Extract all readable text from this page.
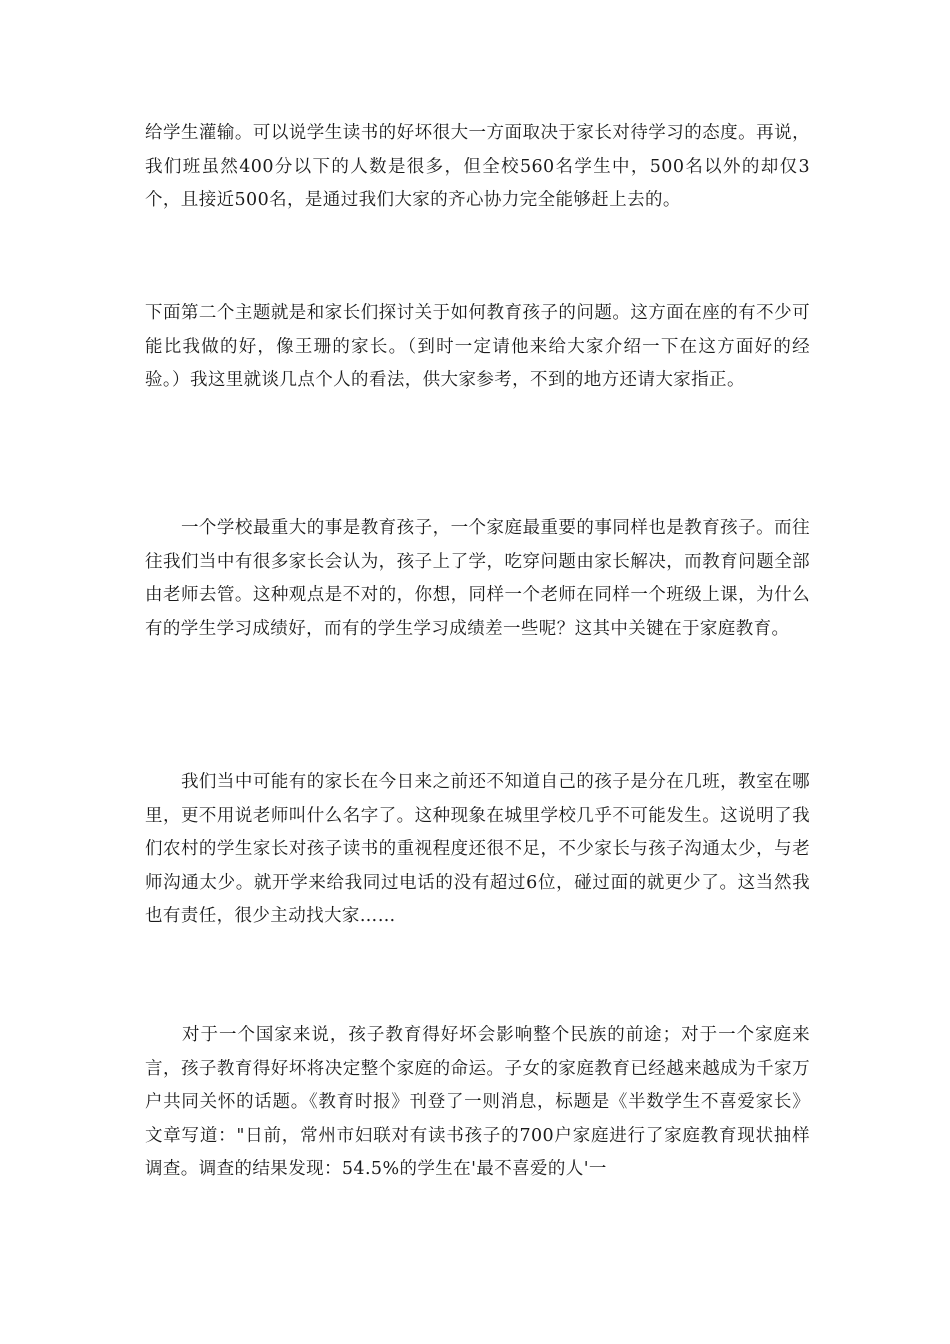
给学生灌输。可以说学生读书的好坏很大一方面取决于家长对待学习的态度。再说，我们班虽然400分以下的人数是很多，但全校560名学生中，500名以外的却仅3个，且接近500名，是通过我们大家的齐心协力完全能够赶上去的。

下面第二个主题就是和家长们探讨关于如何教育孩子的问题。这方面在座的有不少可能比我做的好，像王珊的家长。（到时一定请他来给大家介绍一下在这方面好的经验。）我这里就谈几点个人的看法，供大家参考，不到的地方还请大家指正。

　　一个学校最重大的事是教育孩子，一个家庭最重要的事同样也是教育孩子。而往往我们当中有很多家长会认为，孩子上了学，吃穿问题由家长解决，而教育问题全部由老师去管。这种观点是不对的，你想，同样一个老师在同样一个班级上课，为什么有的学生学习成绩好，而有的学生学习成绩差一些呢？这其中关键在于家庭教育。

　　我们当中可能有的家长在今日来之前还不知道自己的孩子是分在几班，教室在哪里，更不用说老师叫什么名字了。这种现象在城里学校几乎不可能发生。这说明了我们农村的学生家长对孩子读书的重视程度还很不足，不少家长与孩子沟通太少，与老师沟通太少。就开学来给我同过电话的没有超过6位，碰过面的就更少了。这当然我也有责任，很少主动找大家……

　　对于一个国家来说，孩子教育得好坏会影响整个民族的前途；对于一个家庭来言，孩子教育得好坏将决定整个家庭的命运。子女的家庭教育已经越来越成为千家万户共同关怀的话题。《教育时报》刊登了一则消息，标题是《半数学生不喜爱家长》文章写道："日前，常州市妇联对有读书孩子的700户家庭进行了家庭教育现状抽样调查。调查的结果发现：54.5%的学生在'最不喜爱的人'一
